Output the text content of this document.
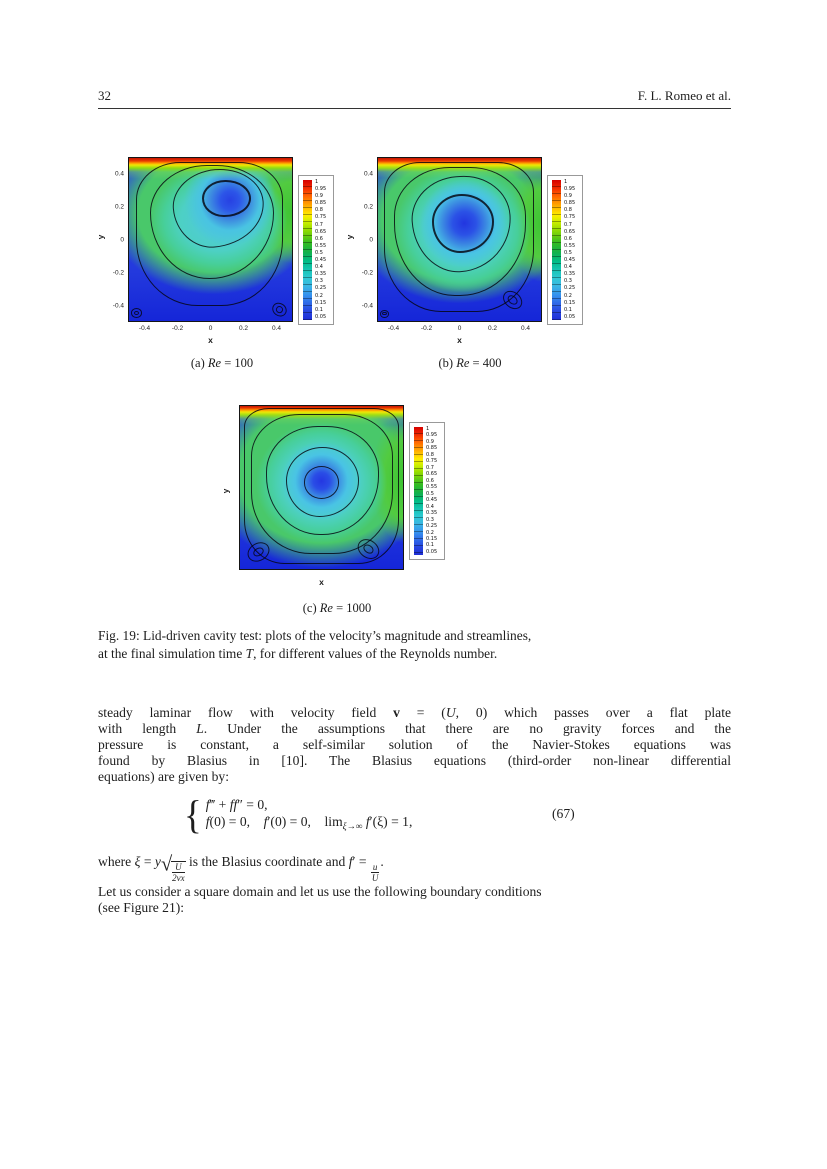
32	F. L. Romeo et al.
y
0.4
0.2
0
-0.2
-0.4
1
0.95
0.9
0.85
0.8
0.75
0.7
0.65
0.6
0.55
0.5
0.45
0.4
0.35
0.3
0.25
0.2
0.15
0.1
0.05
-0.4	-0.2	0	0.2	0.4
x
(a) Re = 100
y
0.4
0.2
0
-0.2
-0.4
1
0.95
0.9
0.85
0.8
0.75
0.7
0.65
0.6
0.55
0.5
0.45
0.4
0.35
0.3
0.25
0.2
0.15
0.1
0.05
-0.4	-0.2	0	0.2	0.4
x
(b) Re = 400
y
1
0.95
0.9
0.85
0.8
0.75
0.7
0.65
0.6
0.55
0.5
0.45
0.4
0.35
0.3
0.25
0.2
0.15
0.1
0.05
x
(c) Re = 1000
Fig. 19: Lid-driven cavity test: plots of the velocity’s magnitude and streamlines,
at the final simulation time T, for different values of the Reynolds number.
steady laminar flow with velocity field v = (U, 0) which passes over a flat plate
with length L. Under the assumptions that there are no gravity forces and the
pressure is constant, a self-similar solution of the Navier-Stokes equations was
found by Blasius in [10]. The Blasius equations (third-order non-linear differential
equations) are given by:
{ f‴ + ff″ = 0,
f(0) = 0,    f′(0) = 0,    $\lim_{\xi\to\infty} f'(\xi) = 1$,
(67)
where $\xi = y√ \frac{U}{2\nu x}$ is the Blasius coordinate and f′ =
$\frac{u}{U}$
.
Let us consider a square domain and let us use the following boundary conditions
(see Figure 21):
